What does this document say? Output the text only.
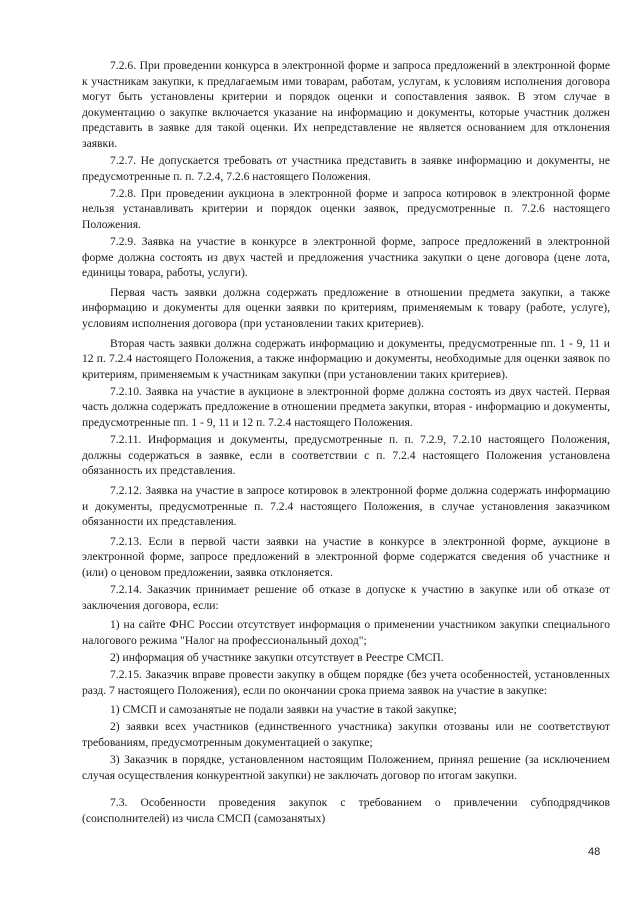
7.2.6. При проведении конкурса в электронной форме и запроса предложений в электронной форме к участникам закупки, к предлагаемым ими товарам, работам, услугам, к условиям исполнения договора могут быть установлены критерии и порядок оценки и сопоставления заявок. В этом случае в документацию о закупке включается указание на информацию и документы, которые участник должен представить в заявке для такой оценки. Их непредставление не является основанием для отклонения заявки.

7.2.7. Не допускается требовать от участника представить в заявке информацию и документы, не предусмотренные п. п. 7.2.4, 7.2.6 настоящего Положения.

7.2.8. При проведении аукциона в электронной форме и запроса котировок в электронной форме нельзя устанавливать критерии и порядок оценки заявок, предусмотренные п. 7.2.6 настоящего Положения.

7.2.9. Заявка на участие в конкурсе в электронной форме, запросе предложений в электронной форме должна состоять из двух частей и предложения участника закупки о цене договора (цене лота, единицы товара, работы, услуги).

Первая часть заявки должна содержать предложение в отношении предмета закупки, а также информацию и документы для оценки заявки по критериям, применяемым к товару (работе, услуге), условиям исполнения договора (при установлении таких критериев).

Вторая часть заявки должна содержать информацию и документы, предусмотренные пп. 1 - 9, 11 и 12 п. 7.2.4 настоящего Положения, а также информацию и документы, необходимые для оценки заявок по критериям, применяемым к участникам закупки (при установлении таких критериев).

7.2.10. Заявка на участие в аукционе в электронной форме должна состоять из двух частей. Первая часть должна содержать предложение в отношении предмета закупки, вторая - информацию и документы, предусмотренные пп. 1 - 9, 11 и 12 п. 7.2.4 настоящего Положения.

7.2.11. Информация и документы, предусмотренные п. п. 7.2.9, 7.2.10 настоящего Положения, должны содержаться в заявке, если в соответствии с п. 7.2.4 настоящего Положения установлена обязанность их представления.

7.2.12. Заявка на участие в запросе котировок в электронной форме должна содержать информацию и документы, предусмотренные п. 7.2.4 настоящего Положения, в случае установления заказчиком обязанности их представления.

7.2.13. Если в первой части заявки на участие в конкурсе в электронной форме, аукционе в электронной форме, запросе предложений в электронной форме содержатся сведения об участнике и (или) о ценовом предложении, заявка отклоняется.

7.2.14. Заказчик принимает решение об отказе в допуске к участию в закупке или об отказе от заключения договора, если:

1) на сайте ФНС России отсутствует информация о применении участником закупки специального налогового режима "Налог на профессиональный доход";

2) информация об участнике закупки отсутствует в Реестре СМСП.

7.2.15. Заказчик вправе провести закупку в общем порядке (без учета особенностей, установленных разд. 7 настоящего Положения), если по окончании срока приема заявок на участие в закупке:

1) СМСП и самозанятые не подали заявки на участие в такой закупке;

2) заявки всех участников (единственного участника) закупки отозваны или не соответствуют требованиям, предусмотренным документацией о закупке;

3) Заказчик в порядке, установленном настоящим Положением, принял решение (за исключением случая осуществления конкурентной закупки) не заключать договор по итогам закупки.

7.3. Особенности проведения закупок с требованием о привлечении субподрядчиков (соисполнителей) из числа СМСП (самозанятых)

48
